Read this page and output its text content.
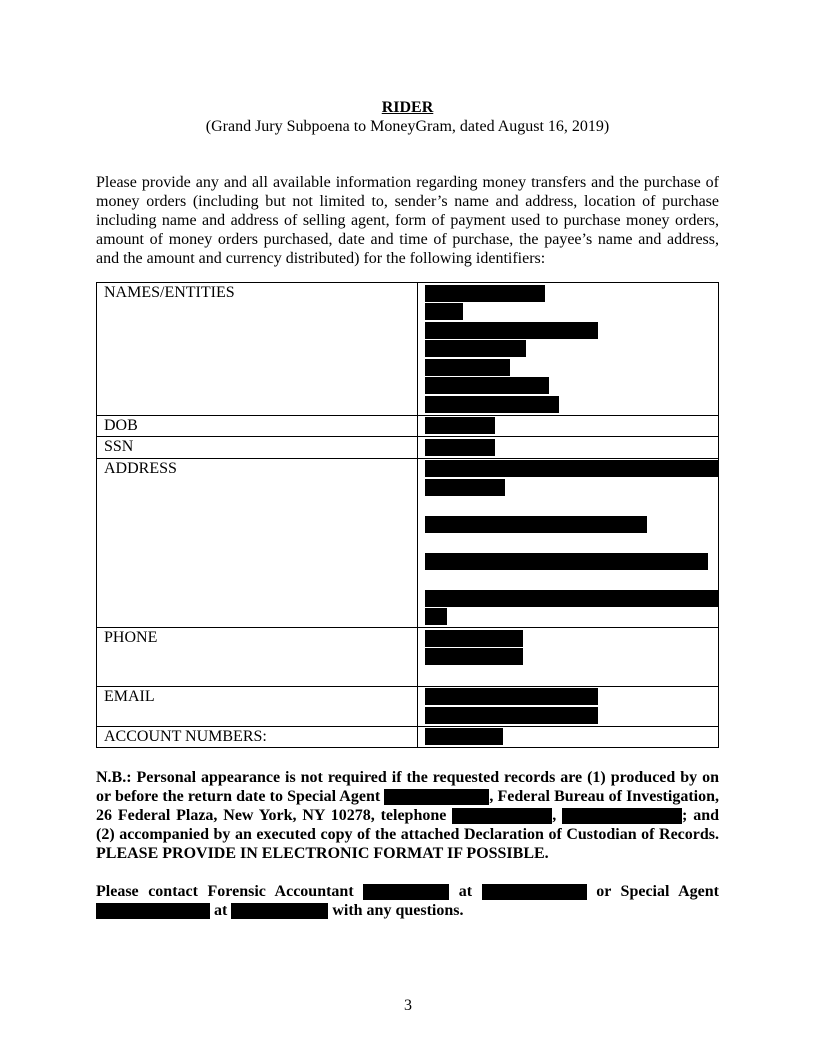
RIDER
(Grand Jury Subpoena to MoneyGram, dated August 16, 2019)

Please provide any and all available information regarding money transfers and the purchase of money orders (including but not limited to, sender’s name and address, location of purchase including name and address of selling agent, form of payment used to purchase money orders, amount of money orders purchased, date and time of purchase, the payee’s name and address, and the amount and currency distributed) for the following identifiers:

NAMES/ENTITIES	

DOB	

SSN	

ADDRESS	

PHONE	

EMAIL	

ACCOUNT NUMBERS:	

N.B.: Personal appearance is not required if the requested records are (1) produced by on or before the return date to Special Agent	, Federal Bureau of Investigation, 26 Federal Plaza, New York, NY 10278, telephone	,	; and (2) accompanied by an executed copy of the attached Declaration of Custodian of Records. PLEASE PROVIDE IN ELECTRONIC FORMAT IF POSSIBLE.

Please contact Forensic Accountant	at	or Special Agent  at	with any questions.

3
